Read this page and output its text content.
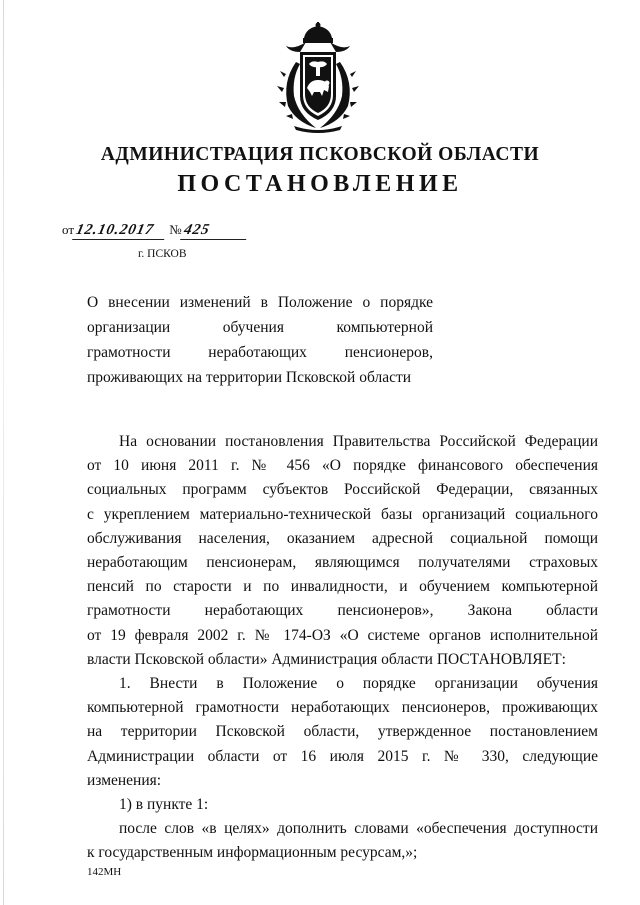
АДМИНИСТРАЦИЯ ПСКОВСКОЙ ОБЛАСТИ
ПОСТАНОВЛЕНИЕ
от12.10.2017 №425
г. ПСКОВ
О внесении изменений в Положение о порядке
организации обучения компьютерной
грамотности неработающих пенсионеров,
проживающих на территории Псковской области
На основании постановления Правительства Российской Федерации
от 10 июня 2011 г. № 456 «О порядке финансового обеспечения
социальных программ субъектов Российской Федерации, связанных
с укреплением материально-технической базы организаций социального
обслуживания населения, оказанием адресной социальной помощи
неработающим пенсионерам, являющимся получателями страховых
пенсий по старости и по инвалидности, и обучением компьютерной
грамотности неработающих пенсионеров», Закона области
от 19 февраля 2002 г. № 174-ОЗ «О системе органов исполнительной
власти Псковской области» Администрация области ПОСТАНОВЛЯЕТ:
1. Внести в Положение о порядке организации обучения
компьютерной грамотности неработающих пенсионеров, проживающих
на территории Псковской области, утвержденное постановлением
Администрации области от 16 июля 2015 г. № 330, следующие
изменения:
1) в пункте 1:
после слов «в целях» дополнить словами «обеспечения доступности
к государственным информационным ресурсам,»;
142МН
